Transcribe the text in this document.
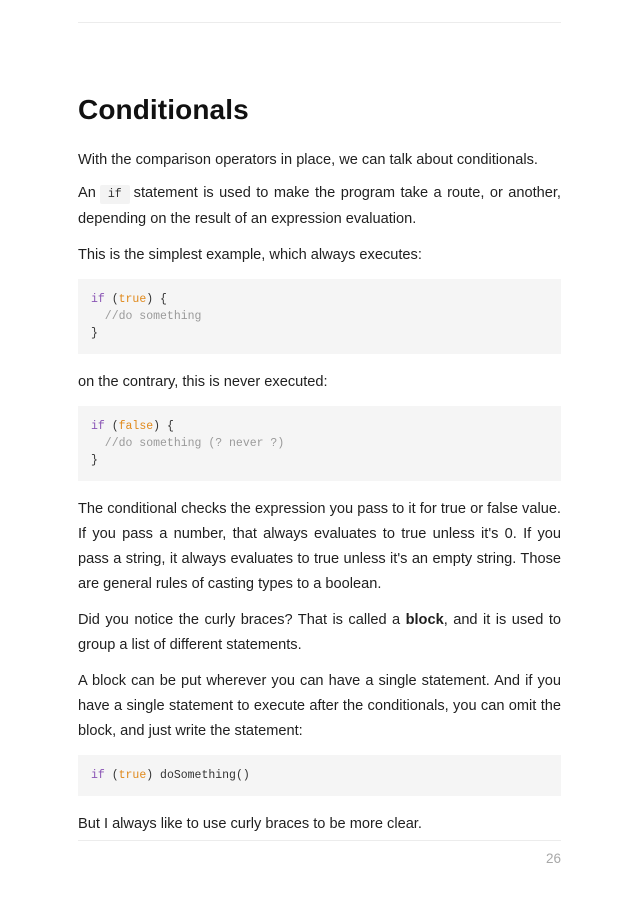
Conditionals

With the comparison operators in place, we can talk about conditionals.

An if statement is used to make the program take a route, or another, depending on the result of an expression evaluation.

This is the simplest example, which always executes:

if (true) {
//do something
}

on the contrary, this is never executed:

if (false) {
//do something (? never ?)
}

The conditional checks the expression you pass to it for true or false value. If you pass a number, that always evaluates to true unless it's 0. If you pass a string, it always evaluates to true unless it's an empty string. Those are general rules of casting types to a boolean.

Did you notice the curly braces? That is called a block, and it is used to group a list of different statements.

A block can be put wherever you can have a single statement. And if you have a single statement to execute after the conditionals, you can omit the block, and just write the statement:

if (true) doSomething()

But I always like to use curly braces to be more clear.

26
